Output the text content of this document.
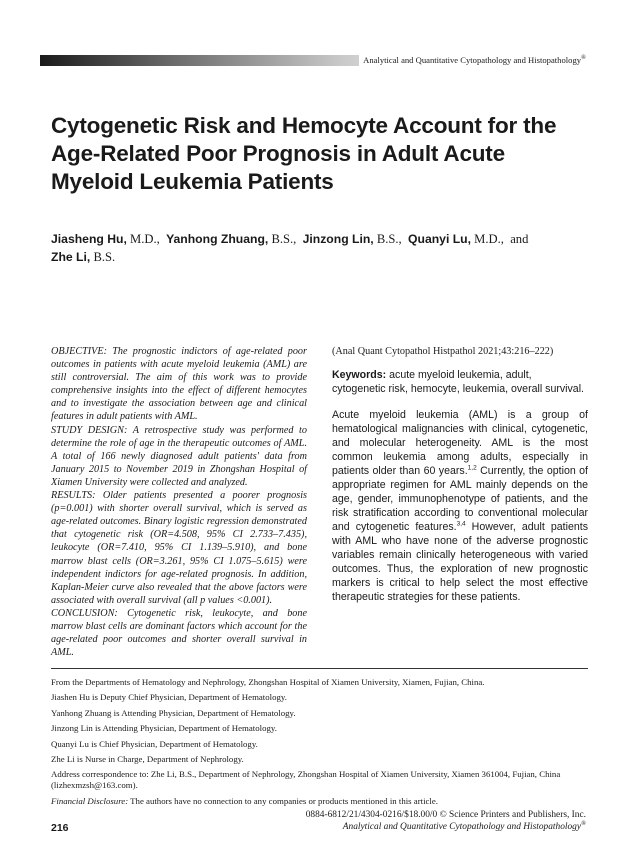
Analytical and Quantitative Cytopathology and Histopathology®
Cytogenetic Risk and Hemocyte Account for the Age-Related Poor Prognosis in Adult Acute Myeloid Leukemia Patients
Jiasheng Hu, M.D., Yanhong Zhuang, B.S., Jinzong Lin, B.S., Quanyi Lu, M.D., and
Zhe Li, B.S.

OBJECTIVE: The prognostic indictors of age-related poor outcomes in patients with acute myeloid leukemia (AML) are still controversial. The aim of this work was to provide comprehensive insights into the effect of different hemocytes and to investigate the association between age and clinical features in adult patients with AML.

STUDY DESIGN: A retrospective study was performed to determine the role of age in the therapeutic outcomes of AML. A total of 166 newly diagnosed adult patients' data from January 2015 to November 2019 in Zhongshan Hospital of Xiamen University were collected and analyzed.

RESULTS: Older patients presented a poorer prognosis (p=0.001) with shorter overall survival, which is served as age-related outcomes. Binary logistic regression demonstrated that cytogenetic risk (OR=4.508, 95% CI 2.733–7.435), leukocyte (OR=7.410, 95% CI 1.139–5.910), and bone marrow blast cells (OR=3.261, 95% CI 1.075–5.615) were independent indictors for age-related prognosis. In addition, Kaplan-Meier curve also revealed that the above factors were associated with overall survival (all p values <0.001).

CONCLUSION: Cytogenetic risk, leukocyte, and bone marrow blast cells are dominant factors which account for the age-related poor outcomes and shorter overall survival in AML.

(Anal Quant Cytopathol Histpathol 2021;43:216–222)

Keywords: acute myeloid leukemia, adult, cytogenetic risk, hemocyte, leukemia, overall survival.

Acute myeloid leukemia (AML) is a group of hematological malignancies with clinical, cytogenetic, and molecular heterogeneity. AML is the most common leukemia among adults, especially in patients older than 60 years.$^{1,2}$ Currently, the option of appropriate regimen for AML mainly depends on the age, gender, immunophenotype of patients, and the risk stratification according to conventional molecular and cytogenetic features.$^{3,4}$ However, adult patients with AML who have none of the adverse prognostic variables remain clinically heterogeneous with varied outcomes. Thus, the exploration of new prognostic markers is critical to help select the most effective therapeutic strategies for these patients.

From the Departments of Hematology and Nephrology, Zhongshan Hospital of Xiamen University, Xiamen, Fujian, China.

Jiashen Hu is Deputy Chief Physician, Department of Hematology.

Yanhong Zhuang is Attending Physician, Department of Hematology.

Jinzong Lin is Attending Physician, Department of Hematology.

Quanyi Lu is Chief Physician, Department of Hematology.

Zhe Li is Nurse in Charge, Department of Nephrology.

Address correspondence to: Zhe Li, B.S., Department of Nephrology, Zhongshan Hospital of Xiamen University, Xiamen 361004, Fujian, China (lizhexmzsh@163.com).

Financial Disclosure: The authors have no connection to any companies or products mentioned in this article.

0884-6812/21/4304-0216/$18.00/0 © Science Printers and Publishers, Inc.
Analytical and Quantitative Cytopathology and Histopathology®
216
